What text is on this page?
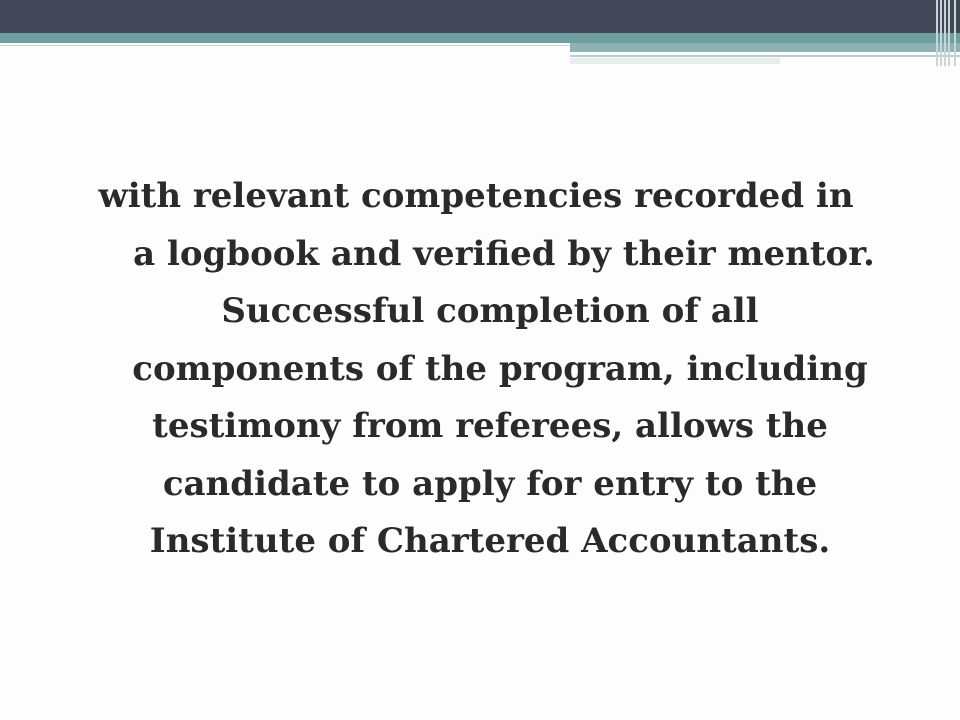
with relevant competencies recorded in
a logbook and verified by their mentor.
Successful completion of all
components of the program, including
testimony from referees, allows the
candidate to apply for entry to the
Institute of Chartered Accountants.
